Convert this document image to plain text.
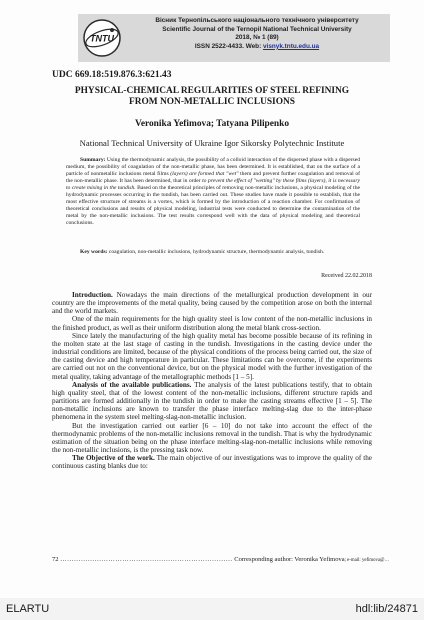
TNTU
Вісник Тернопільського національного технічного університету
Scientific Journal of the Ternopil National Technical University
2018, № 1 (89)
ISSN 2522-4433. Web: visnyk.tntu.edu.ua
UDC 669.18:519.876.3:621.43
PHYSICAL-CHEMICAL REGULARITIES OF STEEL REFINING
FROM NON-METALLIC INCLUSIONS
Veronika Yefimova; Tatyana Pilipenko
National Technical University of Ukraine Igor Sikorsky Polytechnic Institute
Summary: Using the thermodynamic analysis, the possibility of a colloid interaction of the dispersed phase with a dispersed medium, the possibility of coagulation of the non-metallic phase, has been determined. It is established, that on the surface of a particle of nonmetallic inclusions metal films (layers) are formed that "wet" them and prevent further coagulation and removal of the non-metallic phase. It has been determined, that in order to prevent the effect of "wetting" by these films (layers), it is necessary to create mixing in the tundish. Based on the theoretical principles of removing non-metallic inclusions, a physical modeling of the hydrodynamic processes occurring in the tundish, has been carried out. These studies have made it possible to establish, that the most effective structure of streams is a vortex, which is formed by the introduction of a reaction chamber. For confirmation of theoretical conclusions and results of physical modeling, industrial tests were conducted to determine the contamination of the metal by the non-metallic inclusions. The test results correspond well with the data of physical modeling and theoretical conclusions.
Key words: coagulation, non-metallic inclusions, hydrodynamic structure, thermodynamic analysis, tundish.
Received 22.02.2018

Introduction. Nowadays the main directions of the metallurgical production development in our country are the improvements of the metal quality, being caused by the competition arose on both the internal and the world markets.

One of the main requirements for the high quality steel is low content of the non-metallic inclusions in the finished product, as well as their uniform distribution along the metal blank cross-section.

Since lately the manufacturing of the high quality metal has become possible because of its refining in the molten state at the last stage of casting in the tundish. Investigations in the casting device under the industrial conditions are limited, because of the physical conditions of the process being carried out, the size of the casting device and high temperature in particular. These limitations can be overcome, if the experiments are carried out not on the conventional device, but on the physical model with the further investigation of the metal quality, taking advantage of the metallographic methods [1 – 5].

Analysis of the available publications. The analysis of the latest publications testify, that to obtain high quality steel, that of the lowest content of the non-metallic inclusions, different structure rapids and partitions are formed additionally in the tundish in order to make the casting streams effective [1 – 5]. The non-metallic inclusions are known to transfer the phase interface melting-slag due to the inter-phase phenomena in the system steel melting-slag-non-metallic inclusion.

But the investigation carried out earlier [6 – 10] do not take into account the effect of the thermodynamic problems of the non-metallic inclusions removal in the tundish. That is why the hydrodynamic estimation of the situation being on the phase interface melting-slag-non-metallic inclusions while removing the non-metallic inclusions, is the pressing task now.

The Objective of the work. The main objective of our investigations was to improve the quality of the continuous casting blanks due to:

72 ………………………………………………………………… Corresponding author: Veronika Yefimova; e-mail: yefimova@…
ELARTU	hdl:lib/24871
